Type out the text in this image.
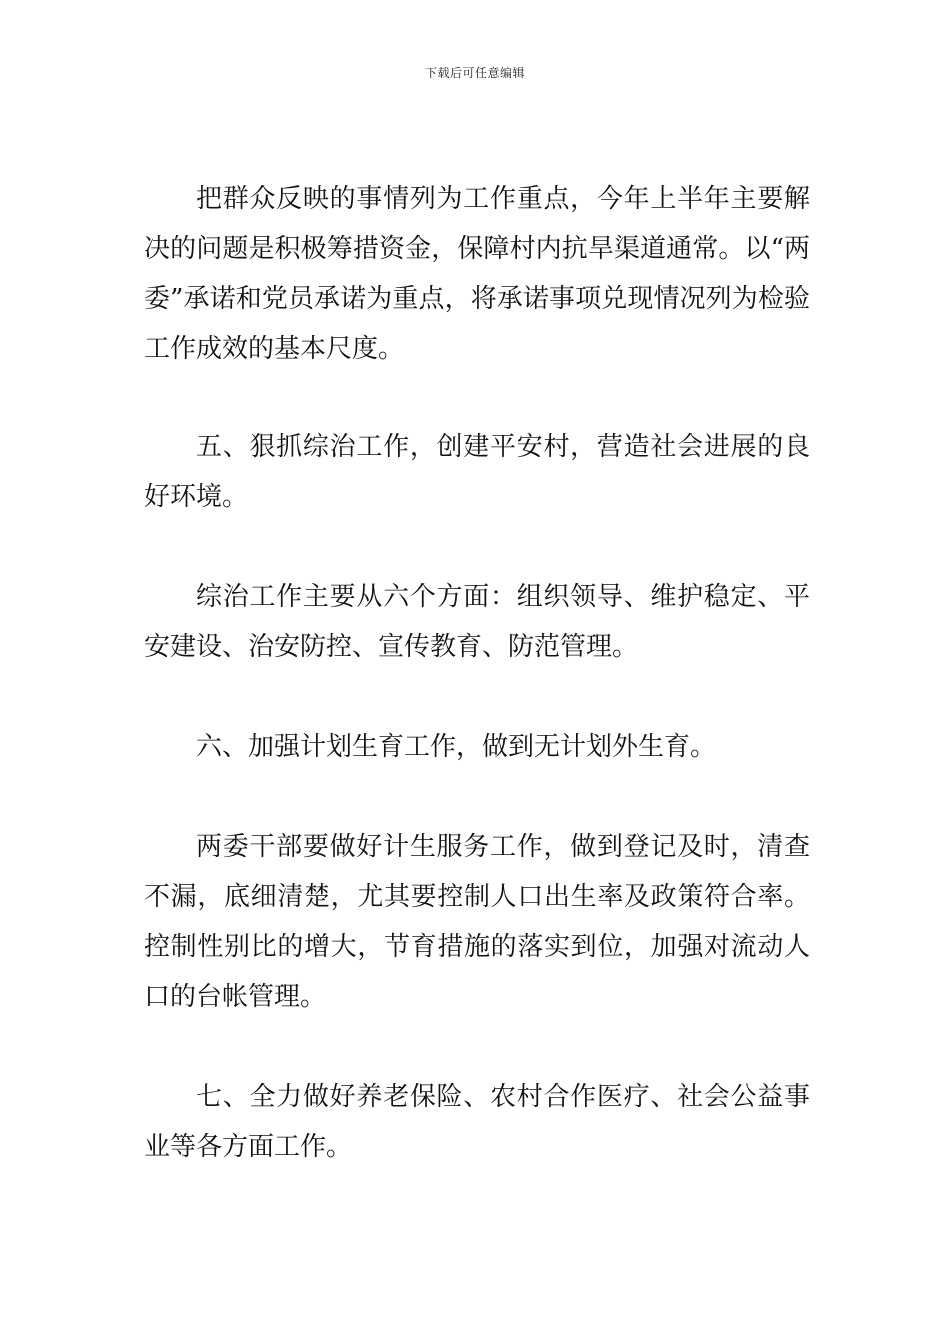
下载后可任意编辑

把群众反映的事情列为工作重点，今年上半年主要解决的问题是积极筹措资金，保障村内抗旱渠道通常。以“两委”承诺和党员承诺为重点，将承诺事项兑现情况列为检验工作成效的基本尺度。

五、狠抓综治工作，创建平安村，营造社会进展的良好环境。

综治工作主要从六个方面：组织领导、维护稳定、平安建设、治安防控、宣传教育、防范管理。

六、加强计划生育工作，做到无计划外生育。

两委干部要做好计生服务工作，做到登记及时，清查不漏，底细清楚，尤其要控制人口出生率及政策符合率。控制性别比的增大，节育措施的落实到位，加强对流动人口的台帐管理。

七、全力做好养老保险、农村合作医疗、社会公益事业等各方面工作。
